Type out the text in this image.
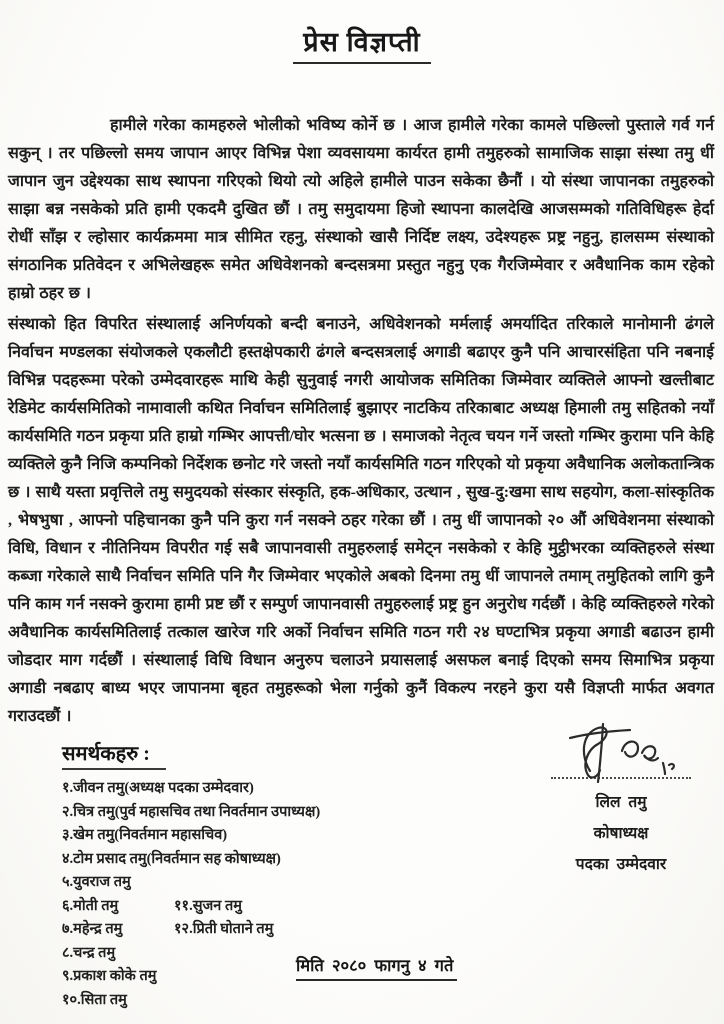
प्रेस विज्ञप्ती

हामीले गरेका कामहरुले भोलीको भविष्य कोर्ने छ । आज हामीले गरेका कामले पछिल्लो पुस्ताले गर्व गर्न सकुन् । तर पछिल्लो समय जापान आएर विभिन्न पेशा व्यवसायमा कार्यरत हामी तमुहरुको सामाजिक साझा संस्था तमु धीं जापान जुन उद्देश्यका साथ स्थापना गरिएको थियो त्यो अहिले हामीले पाउन सकेका छैनौं । यो संस्था जापानका तमुहरुको साझा बन्न नसकेको प्रति हामी एकदमै दुखित छौं । तमु समुदायमा हिजो स्थापना कालदेखि आजसम्मको गतिविधिहरू हेर्दा रोधीं साँझ र ल्होसार कार्यक्रममा मात्र सीमित रहनु, संस्थाको खासै निर्दिष्ट लक्ष्य, उदेश्यहरू प्रष्ट्र नहुनु, हालसम्म संस्थाको संगठानिक प्रतिवेदन र अभिलेखहरू समेत अधिवेशनको बन्दसत्रमा प्रस्तुत नहुनु एक गैरजिम्मेवार र अवैधानिक काम रहेको हाम्रो ठहर छ ।

संस्थाको हित विपरित संस्थालाई अनिर्णयको बन्दी बनाउने, अधिवेशनको मर्मलाई अमर्यादित तरिकाले मानोमानी ढंगले निर्वाचन मण्डलका संयोजकले एकलौटी हस्तक्षेपकारी ढंगले बन्दसत्रलाई अगाडी बढाएर कुनै पनि आचारसंहिता पनि नबनाई विभिन्न पदहरूमा परेको उम्मेदवारहरू माथि केही सुनुवाई नगरी आयोजक समितिका जिम्मेवार व्यक्तिले आफ्नो खल्तीबाट रेडिमेट कार्यसमितिको नामावाली कथित निर्वाचन समितिलाई बुझाएर नाटकिय तरिकाबाट अध्यक्ष हिमाली तमु सहितको नयाँ कार्यसमिति गठन प्रकृया प्रति हाम्रो गम्भिर आपत्ती/घोर भत्सना छ । समाजको नेतृत्व चयन गर्ने जस्तो गम्भिर कुरामा पनि केहि व्यक्तिले कुनै निजि कम्पनिको निर्देशक छनोट गरे जस्तो नयाँ कार्यसमिति गठन गरिएको यो प्रकृया अवैधानिक अलोकतान्त्रिक छ । साथै यस्ता प्रवृत्तिले तमु समुदयको संस्कार संस्कृति, हक-अधिकार, उत्थान , सुख-दु:खमा साथ सहयोग, कला-सांस्कृतिक , भेषभुषा , आफ्नो पहिचानका कुनै पनि कुरा गर्न नसक्ने ठहर गरेका छौं । तमु धीं जापानको २० औं अधिवेशनमा संस्थाको विधि, विधान र नीतिनियम विपरीत गई सबै जापानवासी तमुहरुलाई समेट्न नसकेको र केहि मुट्ठीभरका व्यक्तिहरुले संस्था कब्जा गरेकाले साथै निर्वाचन समिति पनि गैर जिम्मेवार भएकोले अबको दिनमा तमु धीं जापानले तमाम् तमुहितको लागि कुनै पनि काम गर्न नसक्ने कुरामा हामी प्रष्ट छौं र सम्पुर्ण जापानवासी तमुहरुलाई प्रष्ट्र हुन अनुरोध गर्दछौं । केहि व्यक्तिहरुले गरेको अवैधानिक कार्यसमितिलाई तत्काल खारेज गरि अर्को निर्वाचन समिति गठन गरी २४ घण्टाभित्र प्रकृया अगाडी बढाउन हामी जोडदार माग गर्दछौं । संस्थालाई विधि विधान अनुरुप चलाउने प्रयासलाई असफल बनाई दिएको समय सिमाभित्र प्रकृया अगाडी नबढाए बाध्य भएर जापानमा बृहत तमुहरूको भेला गर्नुको कुनैं विकल्प नरहने कुरा यसै विज्ञप्ती मार्फत अवगत गराउदछौं ।

समर्थकहरु :
१.जीवन तमु(अध्यक्ष पदका उम्मेदवार)
२.चित्र तमु(पुर्व महासचिव तथा निवर्तमान उपाध्यक्ष)
३.खेम तमु(निवर्तमान महासचिव)
४.टोम प्रसाद तमु(निवर्तमान सह कोषाध्यक्ष)
५.युवराज तमु
६.मोती तमु	११.सुजन तमु
७.महेन्द्र तमु	१२.प्रिती घोताने तमु
८.चन्द्र तमु
९.प्रकाश कोके तमु
१०.सिता तमु
लिल तमु
कोषाध्यक्ष
पदका उम्मेदवार
मिति २०८० फागनु ४ गते
